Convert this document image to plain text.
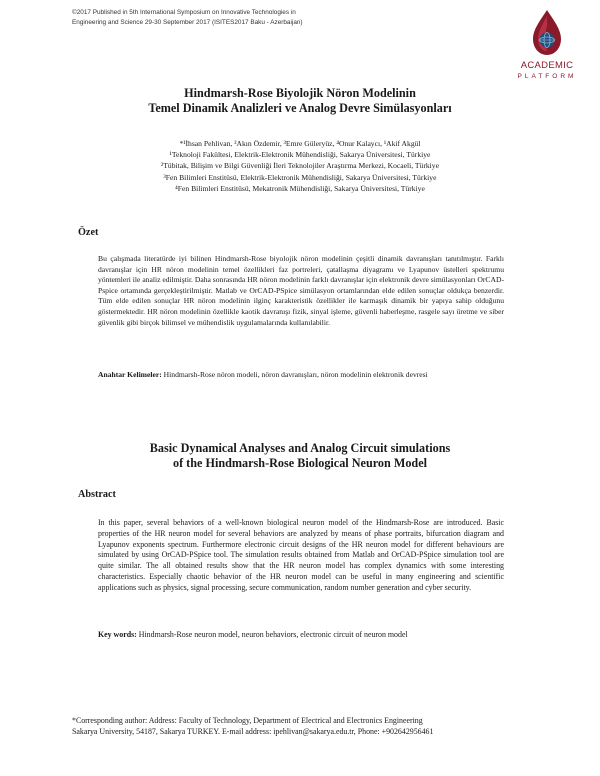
©2017 Published in 5th International Symposium on Innovative Technologies in
Engineering and Science 29-30 September 2017 (ISITES2017 Baku - Azerbaijan)
ACADEMIC
PLATFORM
Hindmarsh-Rose Biyolojik Nöron Modelinin
Temel Dinamik Analizleri ve Analog Devre Simülasyonları
*¹İhsan Pehlivan, ²Akın Özdemir, ³Emre Güleryüz, ⁴Onur Kalaycı, ¹Akif Akgül
¹Teknoloji Fakültesi, Elektrik-Elektronik Mühendisliği, Sakarya Üniversitesi, Türkiye
²Tübitak, Bilişim ve Bilgi Güvenliği İleri Teknolojiler Araştırma Merkezi, Kocaeli, Türkiye
³Fen Bilimleri Enstitüsü, Elektrik-Elektronik Mühendisliği, Sakarya Üniversitesi, Türkiye
⁴Fen Bilimleri Enstitüsü, Mekatronik Mühendisliği, Sakarya Üniversitesi, Türkiye
Özet
Bu çalışmada literatürde iyi bilinen Hindmarsh-Rose biyolojik nöron modelinin çeşitli dinamik davranışları tanıtılmıştır. Farklı davranışlar için HR nöron modelinin temel özellikleri faz portreleri, çatallaşma diyagramı ve Lyapunov üstelleri spektrumu yöntemleri ile analiz edilmiştir. Daha sonrasında HR nöron modelinin farklı davranışlar için elektronik devre simülasyonları OrCAD-Pspice ortamında gerçekleştirilmiştir. Matlab ve OrCAD-PSpice simülasyon ortamlarından elde edilen sonuçlar oldukça benzerdir. Tüm elde edilen sonuçlar HR nöron modelinin ilginç karakteristik özellikler ile karmaşık dinamik bir yapıya sahip olduğunu göstermektedir. HR nöron modelinin özellikle kaotik davranışı fizik, sinyal işleme, güvenli haberleşme, rasgele sayı üretme ve siber güvenlik gibi birçok bilimsel ve mühendislik uygulamalarında kullanılabilir.
Anahtar Kelimeler: Hindmarsh-Rose nöron modeli, nöron davranışları, nöron modelinin elektronik devresi
Basic Dynamical Analyses and Analog Circuit simulations
of the Hindmarsh-Rose Biological Neuron Model
Abstract
In this paper, several behaviors of a well-known biological neuron model of the Hindmarsh-Rose are introduced. Basic properties of the HR neuron model for several behaviors are analyzed by means of phase portraits, bifurcation diagram and Lyapunov exponents spectrum. Furthermore electronic circuit designs of the HR neuron model for different behaviours are simulated by using OrCAD-PSpice tool. The simulation results obtained from Matlab and OrCAD-PSpice simulation tool are quite similar. The all obtained results show that the HR neuron model has complex dynamics with some interesting characteristics. Especially chaotic behavior of the HR neuron model can be useful in many engineering and scientific applications such as physics, signal processing, secure communication, random number generation and cyber security.
Key words: Hindmarsh-Rose neuron model, neuron behaviors, electronic circuit of neuron model
*Corresponding author: Address: Faculty of Technology, Department of Electrical and Electronics Engineering
Sakarya University, 54187, Sakarya TURKEY. E-mail address: ipehlivan@sakarya.edu.tr, Phone: +902642956461
